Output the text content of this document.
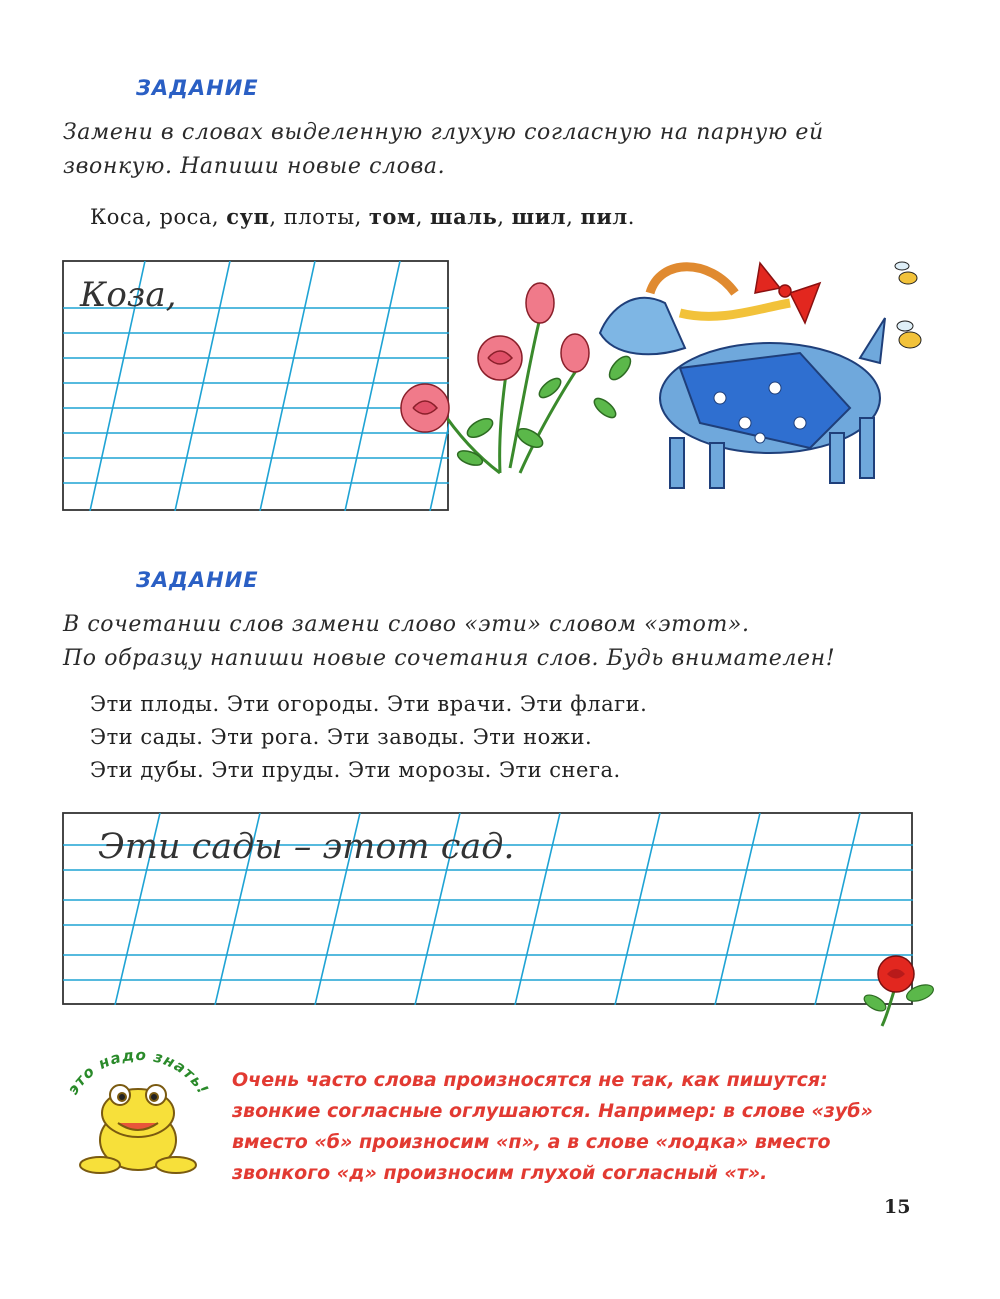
ЗАДАНИЕ
Замени в словах выделенную глухую согласную на парную ей
звонкую. Напиши новые слова.
Коса, роса, суп, плоты, том, шаль, шил, пил.
Коза,
ЗАДАНИЕ
В сочетании слов замени слово «эти» словом «этот».
По образцу напиши новые сочетания слов. Будь внимателен!
Эти плоды. Эти огороды. Эти врачи. Эти флаги.
Эти сады. Эти рога. Эти заводы. Эти ножи.
Эти дубы. Эти пруды. Эти морозы. Эти снега.
Эти сады – этот сад.
это надо знать! Очень часто слова произносятся не так, как пишутся:
звонкие согласные оглушаются. Например: в слове «зуб»
вместо «б» произносим «п», а в слове «лодка» вместо
звонкого «д» произносим глухой согласный «т».
15
